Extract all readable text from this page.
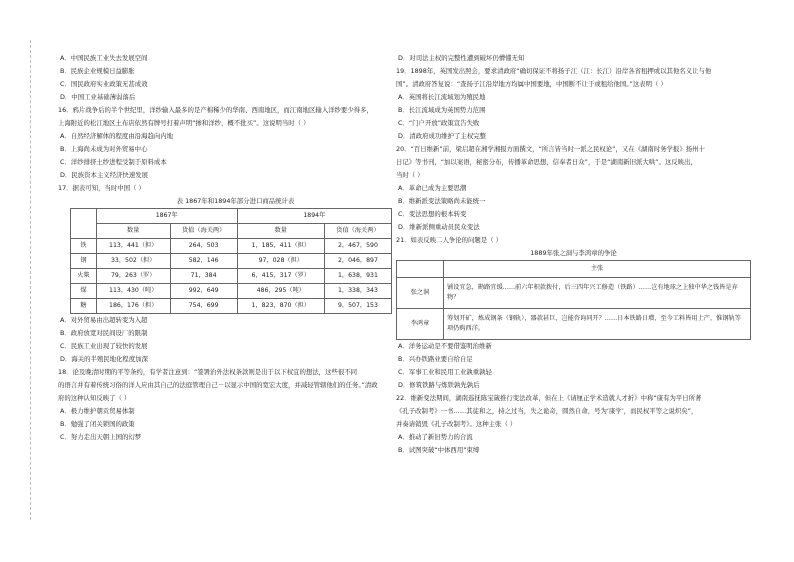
A．中国民族工业失去发展空间
B．民族企业规模日益膨胀
C．国民政府实业政策无甚成效
D．中国工业基础薄弱落后
16．鸦片战争后的半个世纪里，洋纱输入最多的是产棉稀少的华南、西南地区，而江南地区输入洋纱要少得多，
上海附近的松江地区土布店依然有牌号打着声明“掺和洋纱，概不批买”。这说明当时（ ）
A．自然经济解体的程度由沿海趋向内地
B．上海尚未成为对外贸易中心
C．洋纱排挤土纱进程受制于原料成本
D．民族资本主义经济快速发展
17．据表可知，当时中国（ ）
表 1867年和1894年部分进口商品统计表
	1867年		1894年	
	数量	货值（海关两）	数量	货值（海关两）
铁	113，441（担）	264，503	1，185，411（担）	2，467，590
钢	33，502（担）	582，146	97，028（担）	2，046，897
火柴	79，263（罗）	71，384	6，415，317（罗）	1，638，931
煤	113，430（吨）	992，649	486，295（吨）	1，338，343
糖	186，176（担）	754，699	1，823，870（担）	9，507，153
A．对外贸易由出超转变为入超
B．政府放宽对民间设厂的限制
C．民族工业出现了较快的发展
D．海关的半殖民地化程度加深
18．论及晚清时期的平等条约，有学者注意到：“签署治外法权条款则是出于以下权宜的想法，这些很不同
的语言并有着传统习俗的洋人应由其自己的法庭管理自己－以显示中国的宽宏大度，并减轻管辖他们的任务。”清政
府的这种认知反映了（ ）
A．极力维护朝贡贸易体制
B．勉强了闭关锁国的政策
C．努力走出天朝上国的幻梦
D．对司法主权的完整性遭到破坏仍懵懂无知
19．1898年，英国发出照会，要求清政府“确切保证不将扬子江（江：长江）沿岸各省租押或以其他名义让与他
国”。清政府答复说：“查扬子江沿岸地方均属中国要地，中国断不让于或租给他国。”这表明（ ）
A．英国将长江流域划为殖民地
B．长江流域成为英国势力范围
C．“门户开放”政策宣告失败
D．清政府成功维护了主权完整
20．“百日维新”前，梁启超在湘学湘报方面撰文，“所言皆当时一派之民权论”，又在《湖南时务学报》扬州十
日记》等书刊，“加以案语，秘密分布，传播革命思想，信奉者日众”，于是“湖南新旧派大哄”。这反映出，
当时（ ）
A．革命已成为主要思潮
B．维新派变法策略尚未能统一
C．变法思想的根本转变
D．维新派侧重动员民众变法
21．如表反映二人争论的问题是（ ）
1889年张之洞与李鸿章的争论
	主张
张之洞	铺设宜急，勘路宜缓……前六年积款拨付，后三四年兴工修造（铁路）……岂有地球之上独中华之钱皆是弃物？
李鸿章	筹划开矿，炼成钢条（钢轨），器款甚巨，岂能咨询同开？……日本铁路日增，至今工料皆用土产，惟钢轨等项仍购西洋。
A．洋务运动是不要借鉴明治维新
B．兴办铁路业要自给自足
C．军事工业和民用工业孰重孰轻
D．修筑铁路与炼铁孰先孰后
22．维新变法期间，湖南巡抚陈宝箴推行变法改革，但在上《请厘正学术造就人才折》中称“康有为平日所著
《孔子改制考》一书……其徒和之，持之过当，失之诡奇，圆然自命，号为‘康学’，而民权平等之说炽矣”，
并奏请销毁《孔子改制考》。这种主张（ ）
A．推动了新旧势力的合流
B．试图突破“中体西用”束缚
